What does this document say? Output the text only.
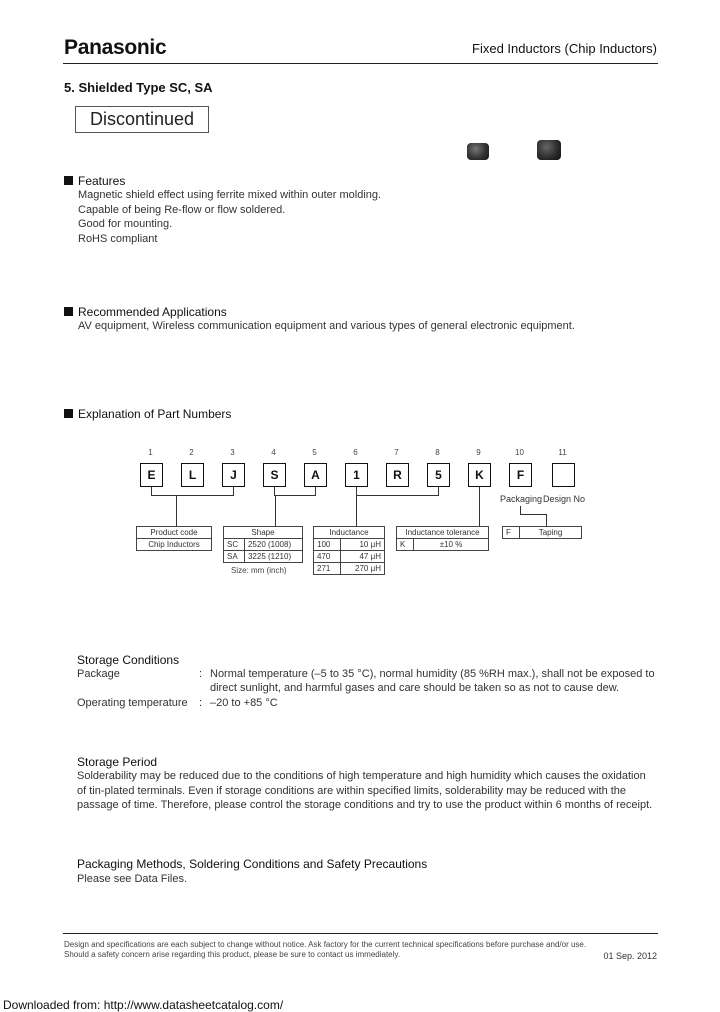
Panasonic	Fixed Inductors (Chip Inductors)
5. Shielded Type SC, SA
Discontinued
Features
Magnetic shield effect using ferrite mixed within outer molding.
Capable of being Re-flow or flow soldered.
Good for mounting.
RoHS compliant
Recommended Applications
AV equipment, Wireless communication equipment and various types of general electronic equipment.
Explanation of Part Numbers
1	2	3	4	5	6	7	8	9	10	11
E	L	J	S	A	1	R	5	K	F
Packaging Design No
Product code
Chip Inductors
Shape	
SC	2520 (1008)
SA	3225 (1210)
Size: mm (inch)
Inductance	
100	10 μH
470	47 μH
271	270 μH
Inductance tolerance
K	±10 %
F	Taping
Storage Conditions
Package	: Normal temperature (–5 to 35 °C), normal humidity (85 %RH max.), shall not be exposed to
direct sunlight, and harmful gases and care should be taken so as not to cause dew.
Operating temperature : –20 to +85 °C
Storage Period
Solderability may be reduced due to the conditions of high temperature and high humidity which causes the oxidation
of tin-plated terminals. Even if storage conditions are within specified limits, solderability may be reduced with the
passage of time. Therefore, please control the storage conditions and try to use the product within 6 months of receipt.
Packaging Methods, Soldering Conditions and Safety Precautions
Please see Data Files.
Design and specifications are each subject to change without notice. Ask factory for the current technical specifications before purchase and/or use.
Should a safety concern arise regarding this product, please be sure to contact us immediately.	01 Sep. 2012
Downloaded from: http://www.datasheetcatalog.com/
